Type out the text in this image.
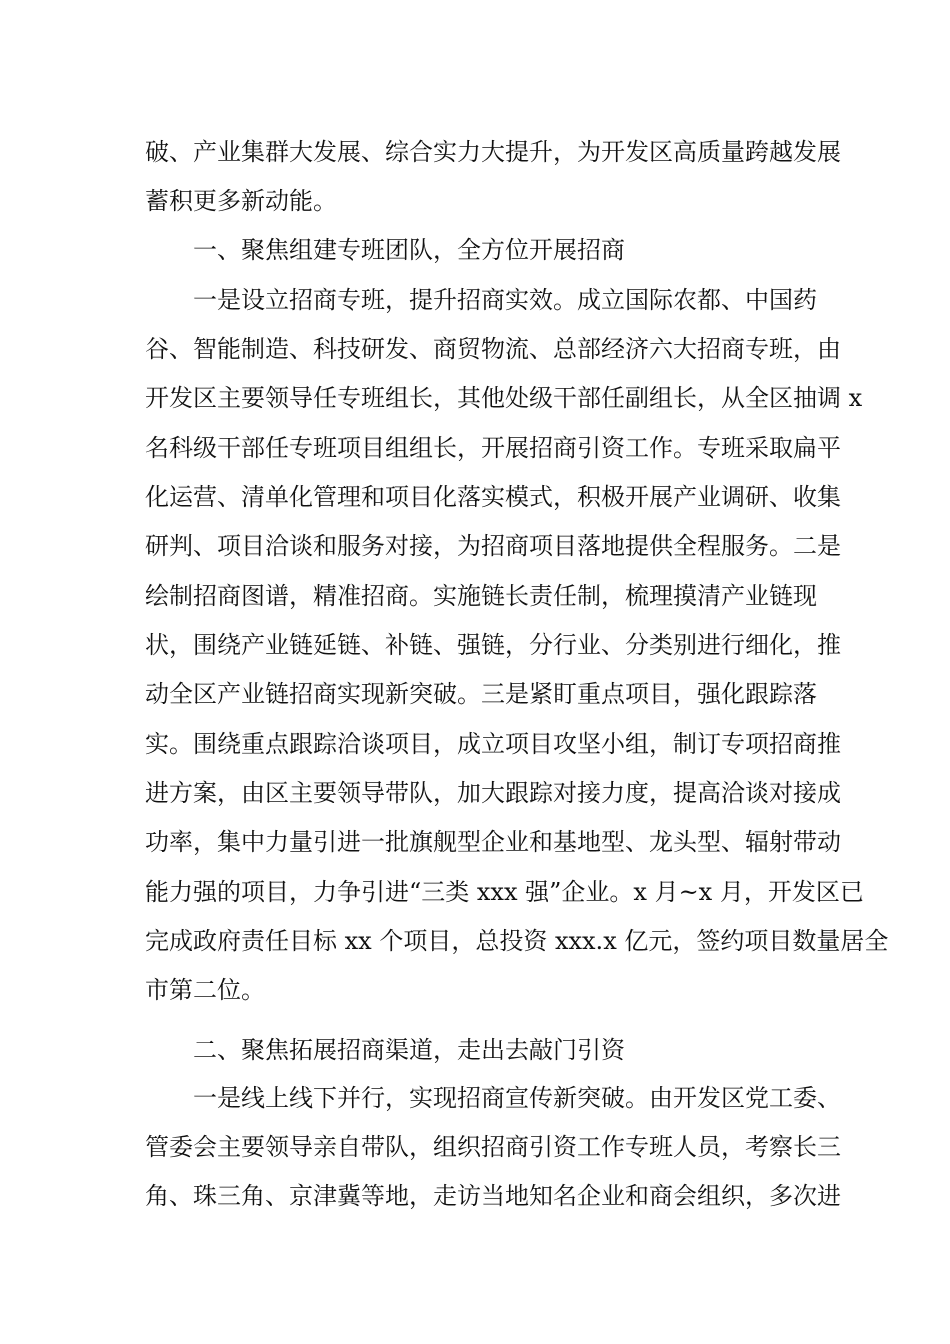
破、产业集群大发展、综合实力大提升，为开发区高质量跨越发展
蓄积更多新动能。
一、聚焦组建专班团队，全方位开展招商
一是设立招商专班，提升招商实效。成立国际农都、中国药
谷、智能制造、科技研发、商贸物流、总部经济六大招商专班，由
开发区主要领导任专班组长，其他处级干部任副组长，从全区抽调 x
名科级干部任专班项目组组长，开展招商引资工作。专班采取扁平
化运营、清单化管理和项目化落实模式，积极开展产业调研、收集
研判、项目洽谈和服务对接，为招商项目落地提供全程服务。二是
绘制招商图谱，精准招商。实施链长责任制，梳理摸清产业链现
状，围绕产业链延链、补链、强链，分行业、分类别进行细化，推
动全区产业链招商实现新突破。三是紧盯重点项目，强化跟踪落
实。围绕重点跟踪洽谈项目，成立项目攻坚小组，制订专项招商推
进方案，由区主要领导带队，加大跟踪对接力度，提高洽谈对接成
功率，集中力量引进一批旗舰型企业和基地型、龙头型、辐射带动
能力强的项目，力争引进“三类 xxx 强”企业。x 月~x 月，开发区已
完成政府责任目标 xx 个项目，总投资 xxx.x 亿元，签约项目数量居全
市第二位。
二、聚焦拓展招商渠道，走出去敲门引资
一是线上线下并行，实现招商宣传新突破。由开发区党工委、
管委会主要领导亲自带队，组织招商引资工作专班人员，考察长三
角、珠三角、京津冀等地，走访当地知名企业和商会组织，多次进
